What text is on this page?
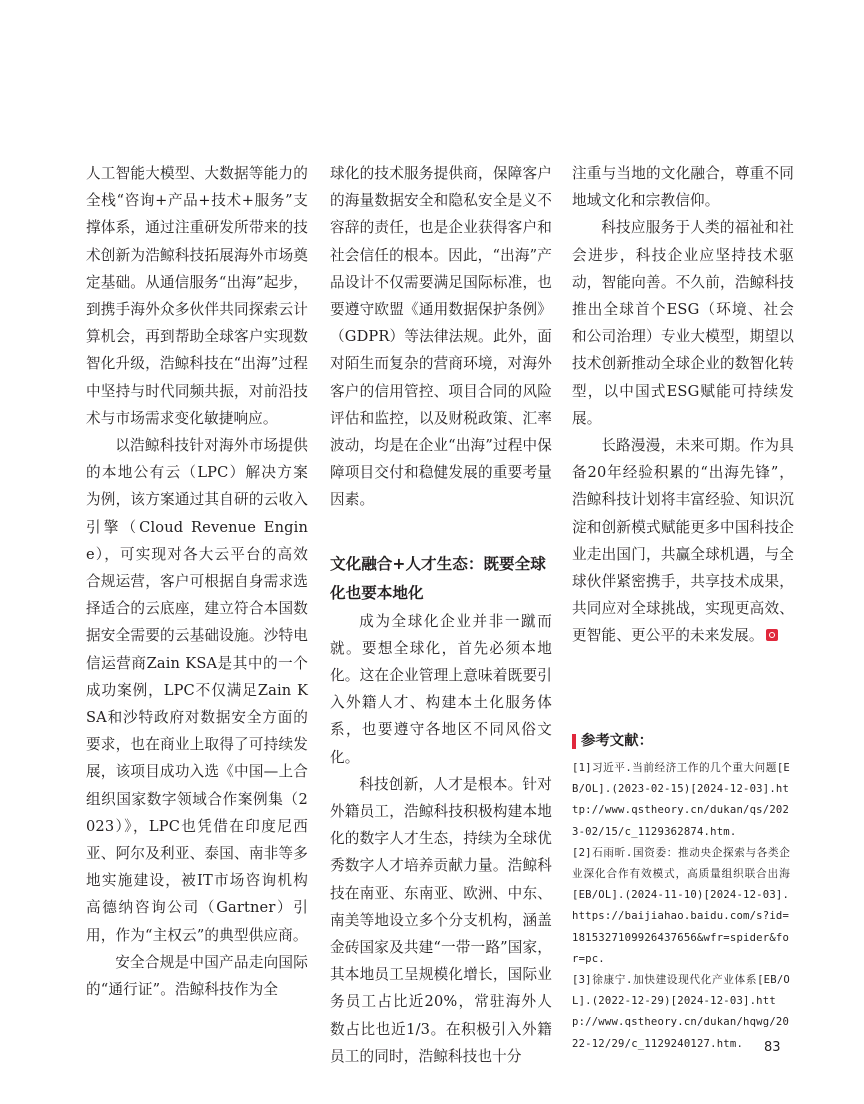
人工智能大模型、大数据等能力的全栈“咨询+产品+技术+服务”支撑体系，通过注重研发所带来的技术创新为浩鲸科技拓展海外市场奠定基础。从通信服务“出海”起步，到携手海外众多伙伴共同探索云计算机会，再到帮助全球客户实现数智化升级，浩鲸科技在“出海”过程中坚持与时代同频共振，对前沿技术与市场需求变化敏捷响应。

以浩鲸科技针对海外市场提供的本地公有云（LPC）解决方案为例，该方案通过其自研的云收入引擎（Cloud Revenue Engine），可实现对各大云平台的高效合规运营，客户可根据自身需求选择适合的云底座，建立符合本国数据安全需要的云基础设施。沙特电信运营商Zain KSA是其中的一个成功案例，LPC不仅满足Zain KSA和沙特政府对数据安全方面的要求，也在商业上取得了可持续发展，该项目成功入选《中国—上合组织国家数字领域合作案例集（2023）》，LPC也凭借在印度尼西亚、阿尔及利亚、泰国、南非等多地实施建设，被IT市场咨询机构高德纳咨询公司（Gartner）引用，作为“主权云”的典型供应商。

安全合规是中国产品走向国际的“通行证”。浩鲸科技作为全

球化的技术服务提供商，保障客户的海量数据安全和隐私安全是义不容辞的责任，也是企业获得客户和社会信任的根本。因此，“出海”产品设计不仅需要满足国际标准，也要遵守欧盟《通用数据保护条例》（GDPR）等法律法规。此外，面对陌生而复杂的营商环境，对海外客户的信用管控、项目合同的风险评估和监控，以及财税政策、汇率波动，均是在企业“出海”过程中保障项目交付和稳健发展的重要考量因素。

文化融合+人才生态：既要全球化也要本地化

成为全球化企业并非一蹴而就。要想全球化，首先必须本地化。这在企业管理上意味着既要引入外籍人才、构建本土化服务体系，也要遵守各地区不同风俗文化。

科技创新，人才是根本。针对外籍员工，浩鲸科技积极构建本地化的数字人才生态，持续为全球优秀数字人才培养贡献力量。浩鲸科技在南亚、东南亚、欧洲、中东、南美等地设立多个分支机构，涵盖金砖国家及共建“一带一路”国家，其本地员工呈规模化增长，国际业务员工占比近20%，常驻海外人数占比也近1/3。在积极引入外籍员工的同时，浩鲸科技也十分

注重与当地的文化融合，尊重不同地域文化和宗教信仰。

科技应服务于人类的福祉和社会进步，科技企业应坚持技术驱动，智能向善。不久前，浩鲸科技推出全球首个ESG（环境、社会和公司治理）专业大模型，期望以技术创新推动全球企业的数智化转型，以中国式ESG赋能可持续发展。

长路漫漫，未来可期。作为具备20年经验积累的“出海先锋”，浩鲸科技计划将丰富经验、知识沉淀和创新模式赋能更多中国科技企业走出国门，共赢全球机遇，与全球伙伴紧密携手，共享技术成果，共同应对全球挑战，实现更高效、更智能、更公平的未来发展。

参考文献：

[1]习近平.当前经济工作的几个重大问题[EB/OL].(2023-02-15)[2024-12-03].http://www.qstheory.cn/dukan/qs/2023-02/15/c_1129362874.htm.

[2]石雨昕.国资委：推动央企探索与各类企业深化合作有效模式，高质量组织联合出海[EB/OL].(2024-11-10)[2024-12-03].https://baijiahao.baidu.com/s?id=1815327109926437656&wfr=spider&for=pc.

[3]徐康宁.加快建设现代化产业体系[EB/OL].(2022-12-29)[2024-12-03].http://www.qstheory.cn/dukan/hqwg/2022-12/29/c_1129240127.htm.	83
